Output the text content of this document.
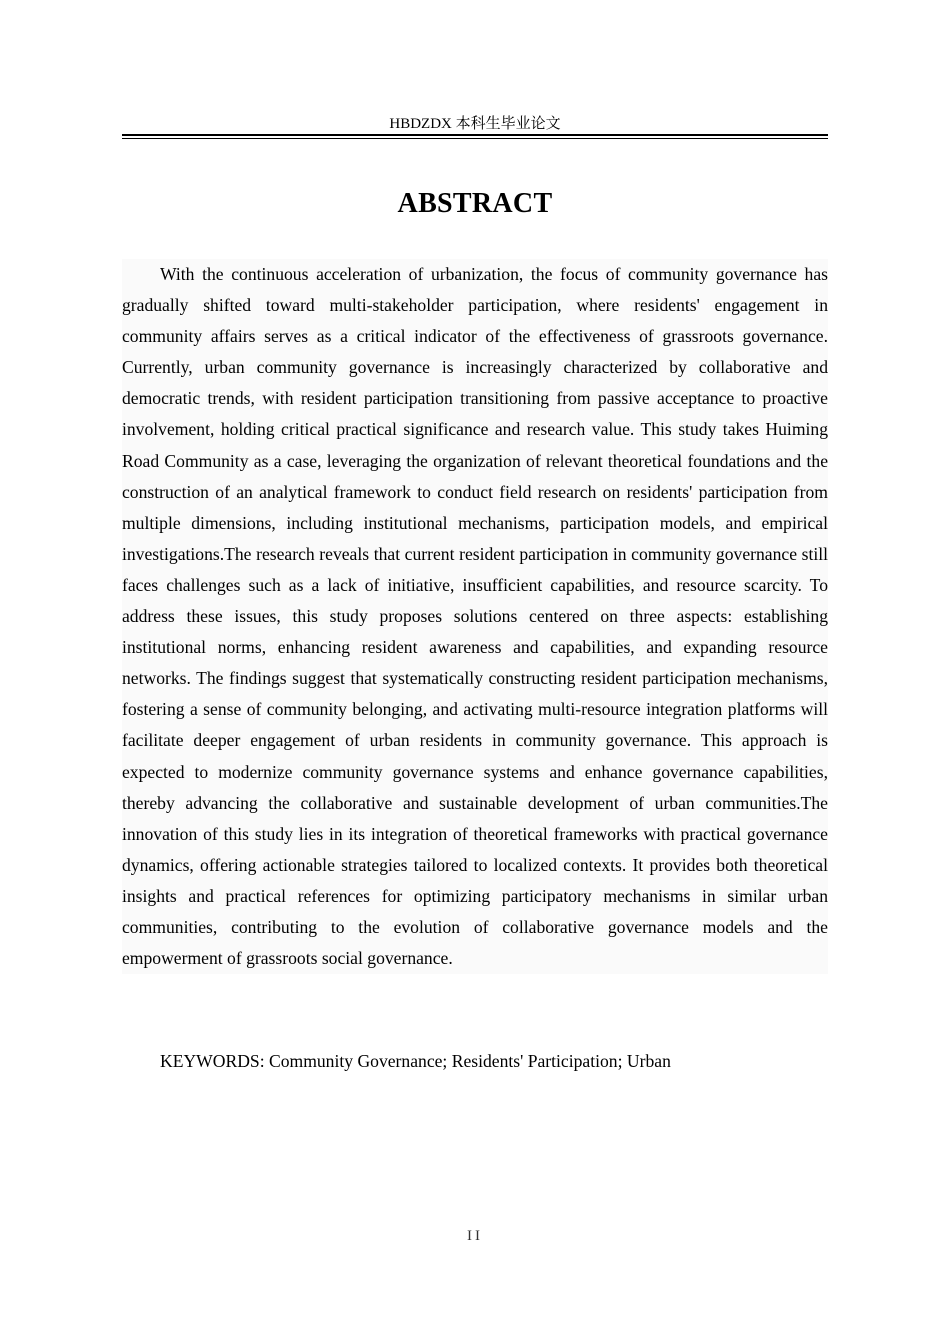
HBDZDX 本科生毕业论文
ABSTRACT

With the continuous acceleration of urbanization, the focus of community governance has gradually shifted toward multi-stakeholder participation, where residents' engagement in community affairs serves as a critical indicator of the effectiveness of grassroots governance. Currently, urban community governance is increasingly characterized by collaborative and democratic trends, with resident participation transitioning from passive acceptance to proactive involvement, holding critical practical significance and research value. This study takes Huiming Road Community as a case, leveraging the organization of relevant theoretical foundations and the construction of an analytical framework to conduct field research on residents' participation from multiple dimensions, including institutional mechanisms, participation models, and empirical investigations.The research reveals that current resident participation in community governance still faces challenges such as a lack of initiative, insufficient capabilities, and resource scarcity. To address these issues, this study proposes solutions centered on three aspects: establishing institutional norms, enhancing resident awareness and capabilities, and expanding resource networks. The findings suggest that systematically constructing resident participation mechanisms, fostering a sense of community belonging, and activating multi-resource integration platforms will facilitate deeper engagement of urban residents in community governance. This approach is expected to modernize community governance systems and enhance governance capabilities, thereby advancing the collaborative and sustainable development of urban communities.The innovation of this study lies in its integration of theoretical frameworks with practical governance dynamics, offering actionable strategies tailored to localized contexts. It provides both theoretical insights and practical references for optimizing participatory mechanisms in similar urban communities, contributing to the evolution of collaborative governance models and the empowerment of grassroots social governance.

KEYWORDS: Community Governance; Residents' Participation; Urban

II
